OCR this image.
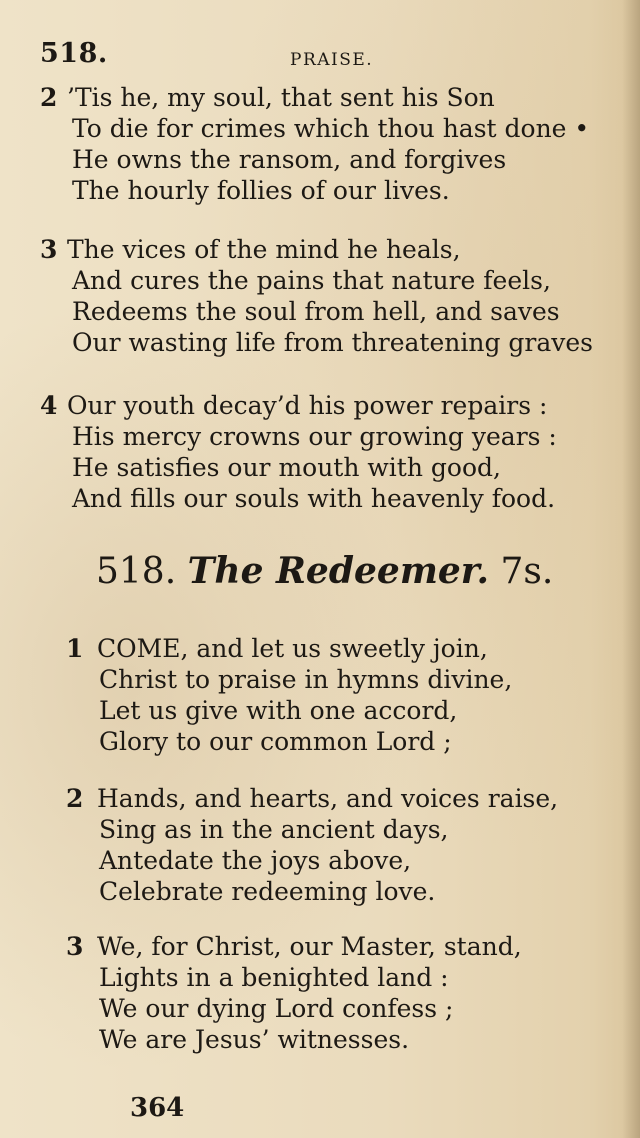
518.	PRAISE.
2 ’Tis he, my soul, that sent his Son
To die for crimes which thou hast done •
He owns the ransom, and forgives
The hourly follies of our lives.
3 The vices of the mind he heals,
And cures the pains that nature feels,
Redeems the soul from hell, and saves
Our wasting life from threatening graves
4 Our youth decay’d his power repairs :
His mercy crowns our growing years :
He satisfies our mouth with good,
And fills our souls with heavenly food.
518. The Redeemer. 7s.
1 COME, and let us sweetly join,
Christ to praise in hymns divine,
Let us give with one accord,
Glory to our common Lord ;
2 Hands, and hearts, and voices raise,
Sing as in the ancient days,
Antedate the joys above,
Celebrate redeeming love.
3 We, for Christ, our Master, stand,
Lights in a benighted land :
We our dying Lord confess ;
We are Jesus’ witnesses.
364
